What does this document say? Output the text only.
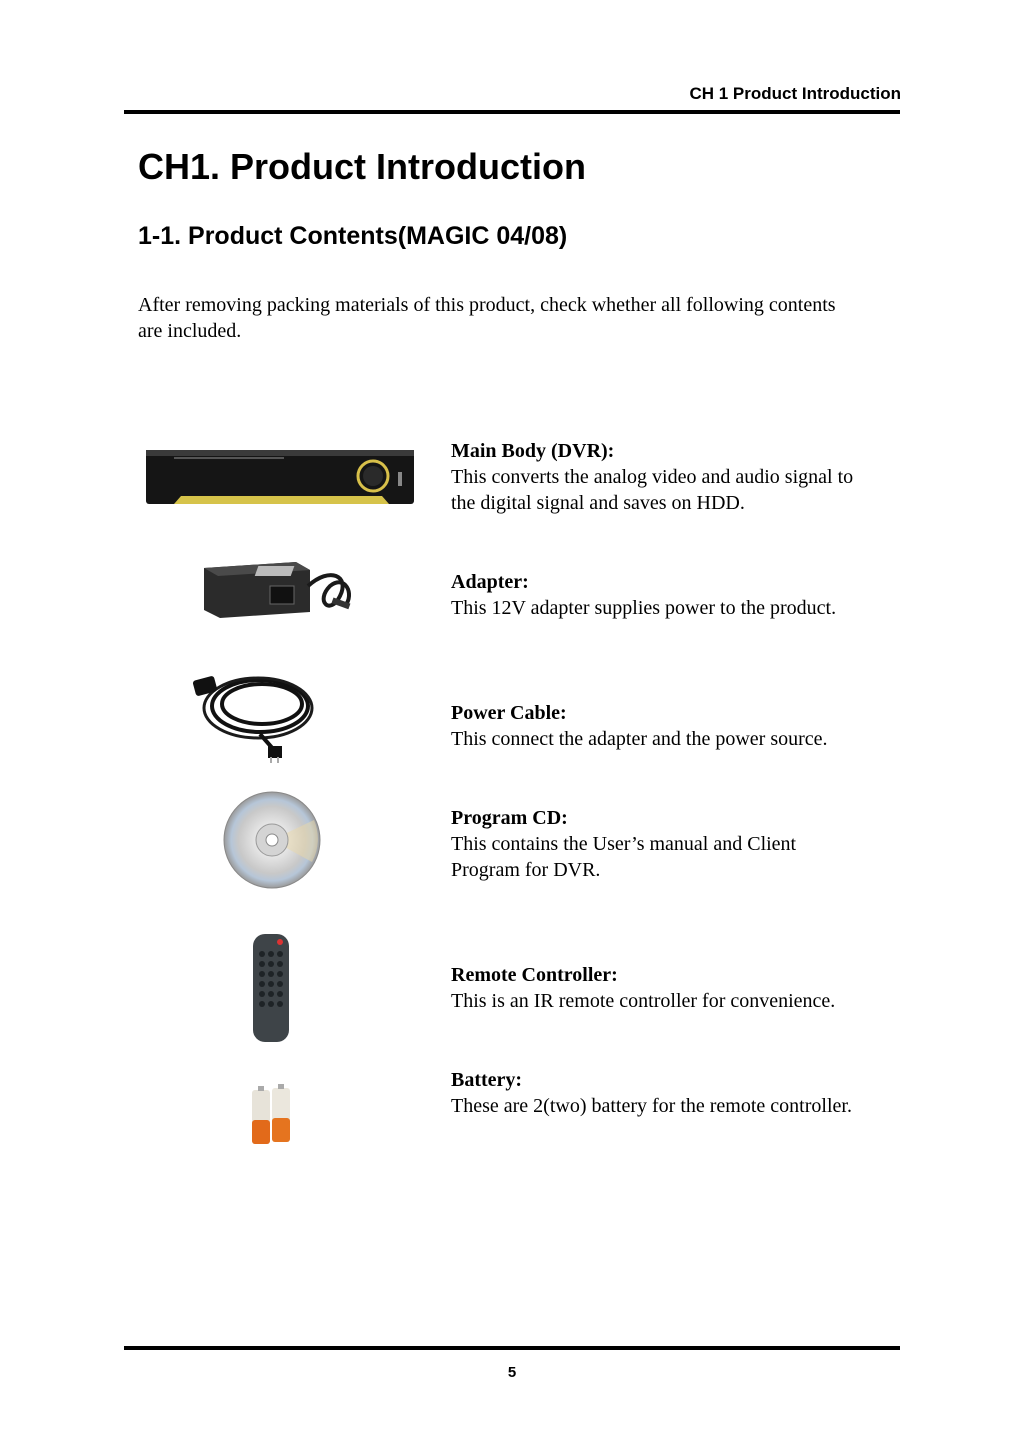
CH 1 Product Introduction
CH1. Product Introduction
1-1. Product Contents(MAGIC 04/08)

After removing packing materials of this product, check whether all following contents are included.

Main Body (DVR):
This converts the analog video and audio signal to the digital signal and saves on HDD.
Adapter:
This 12V adapter supplies power to the product.
Power Cable:
This connect the adapter and the power source.
Program CD:
This contains the User’s manual and Client Program for DVR.
Remote Controller:
This is an IR remote controller for convenience.
Battery:
These are 2(two) battery for the remote controller.
5
